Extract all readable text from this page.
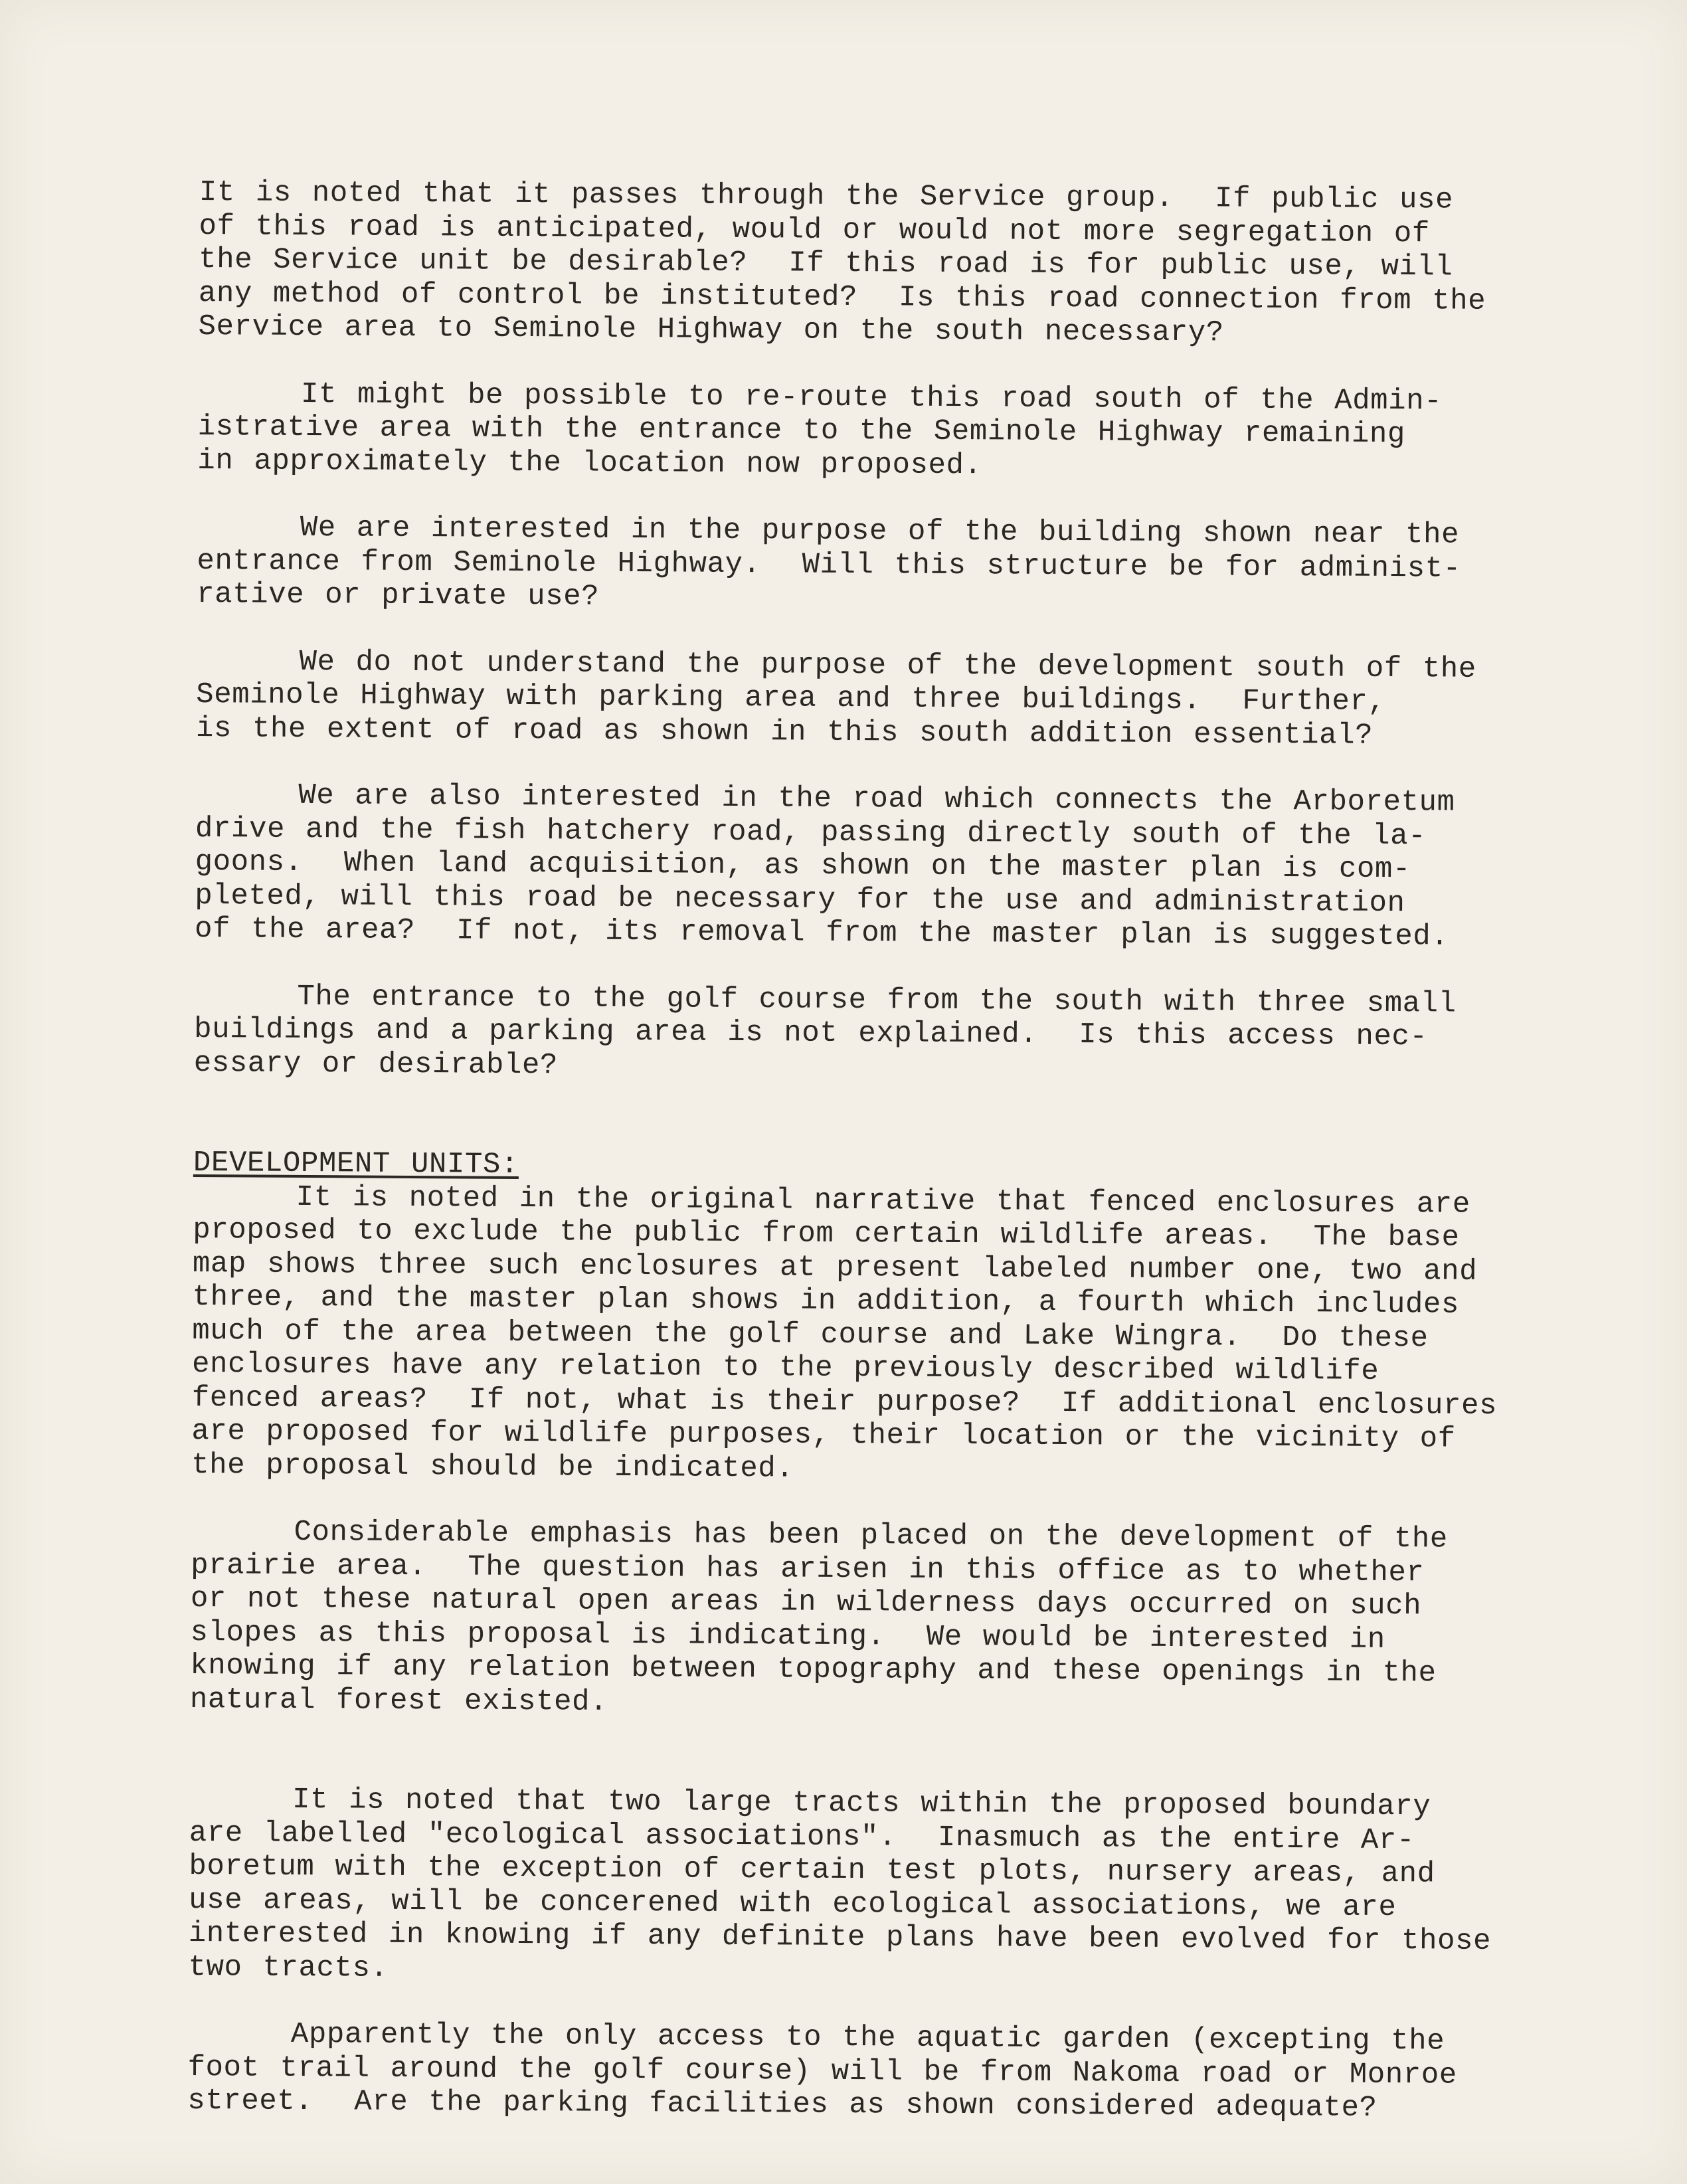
It is noted that it passes through the Service group.  If public use
of this road is anticipated, would or would not more segregation of
the Service unit be desirable?  If this road is for public use, will
any method of control be instituted?  Is this road connection from the
Service area to Seminole Highway on the south necessary?
It might be possible to re-route this road south of the Admin-
istrative area with the entrance to the Seminole Highway remaining
in approximately the location now proposed.
We are interested in the purpose of the building shown near the
entrance from Seminole Highway.  Will this structure be for administ-
rative or private use?
We do not understand the purpose of the development south of the
Seminole Highway with parking area and three buildings.  Further,
is the extent of road as shown in this south addition essential?
We are also interested in the road which connects the Arboretum
drive and the fish hatchery road, passing directly south of the la-
goons.  When land acquisition, as shown on the master plan is com-
pleted, will this road be necessary for the use and administration
of the area?  If not, its removal from the master plan is suggested.
The entrance to the golf course from the south with three small
buildings and a parking area is not explained.  Is this access nec-
essary or desirable?
DEVELOPMENT UNITS:
It is noted in the original narrative that fenced enclosures are
proposed to exclude the public from certain wildlife areas.  The base
map shows three such enclosures at present labeled number one, two and
three, and the master plan shows in addition, a fourth which includes
much of the area between the golf course and Lake Wingra.  Do these
enclosures have any relation to the previously described wildlife
fenced areas?  If not, what is their purpose?  If additional enclosures
are proposed for wildlife purposes, their location or the vicinity of
the proposal should be indicated.
Considerable emphasis has been placed on the development of the
prairie area.  The question has arisen in this office as to whether
or not these natural open areas in wilderness days occurred on such
slopes as this proposal is indicating.  We would be interested in
knowing if any relation between topography and these openings in the
natural forest existed.
It is noted that two large tracts within the proposed boundary
are labelled "ecological associations".  Inasmuch as the entire Ar-
boretum with the exception of certain test plots, nursery areas, and
use areas, will be concerened with ecological associations, we are
interested in knowing if any definite plans have been evolved for those
two tracts.
Apparently the only access to the aquatic garden (excepting the
foot trail around the golf course) will be from Nakoma road or Monroe
street.  Are the parking facilities as shown considered adequate?
